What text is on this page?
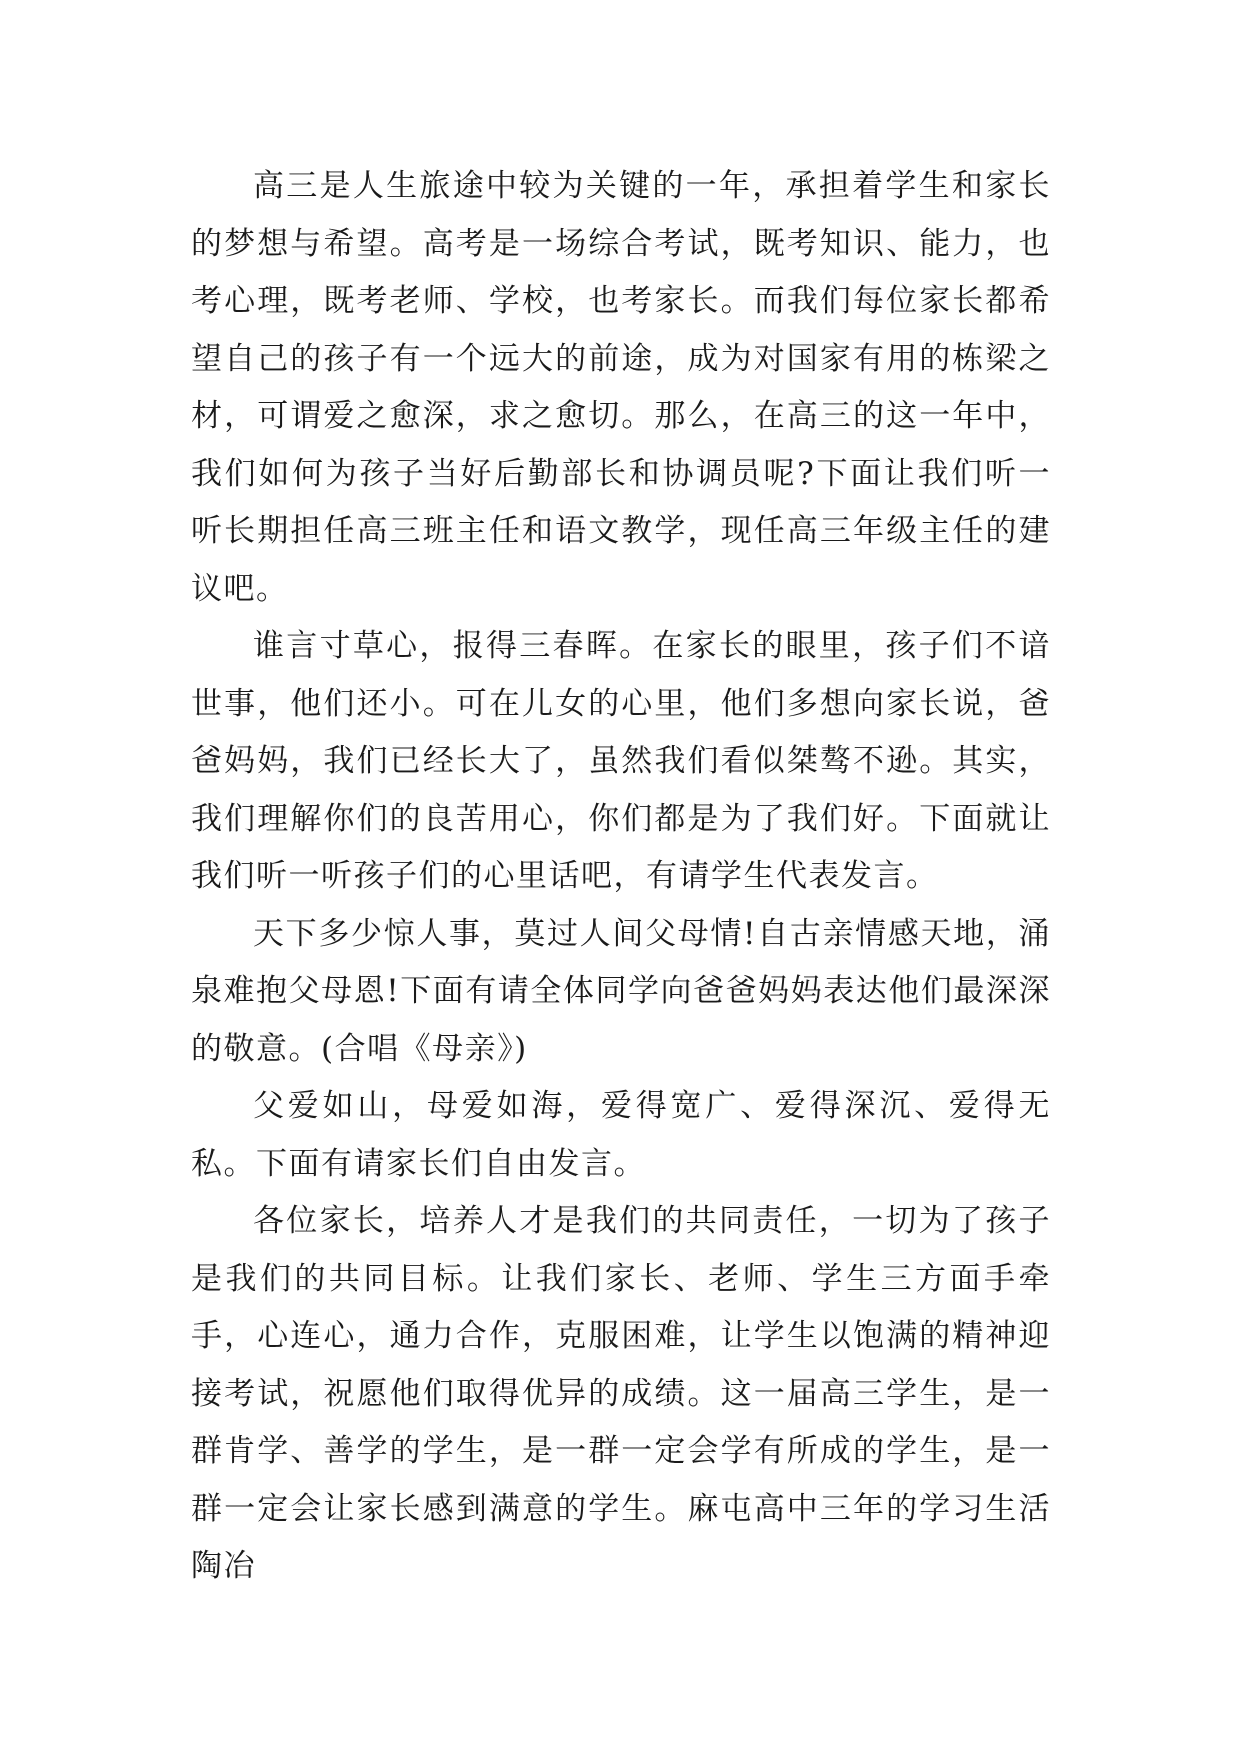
高三是人生旅途中较为关键的一年，承担着学生和家长的梦想与希望。高考是一场综合考试，既考知识、能力，也考心理，既考老师、学校，也考家长。而我们每位家长都希望自己的孩子有一个远大的前途，成为对国家有用的栋梁之材，可谓爱之愈深，求之愈切。那么，在高三的这一年中，我们如何为孩子当好后勤部长和协调员呢?下面让我们听一听长期担任高三班主任和语文教学，现任高三年级主任的建议吧。

谁言寸草心，报得三春晖。在家长的眼里，孩子们不谙世事，他们还小。可在儿女的心里，他们多想向家长说，爸爸妈妈，我们已经长大了，虽然我们看似桀骜不逊。其实，我们理解你们的良苦用心，你们都是为了我们好。下面就让我们听一听孩子们的心里话吧，有请学生代表发言。

天下多少惊人事，莫过人间父母情!自古亲情感天地，涌泉难抱父母恩!下面有请全体同学向爸爸妈妈表达他们最深深的敬意。(合唱《母亲》)

父爱如山，母爱如海，爱得宽广、爱得深沉、爱得无私。下面有请家长们自由发言。

各位家长，培养人才是我们的共同责任，一切为了孩子是我们的共同目标。让我们家长、老师、学生三方面手牵手，心连心，通力合作，克服困难，让学生以饱满的精神迎接考试，祝愿他们取得优异的成绩。这一届高三学生，是一群肯学、善学的学生，是一群一定会学有所成的学生，是一群一定会让家长感到满意的学生。麻屯高中三年的学习生活陶冶
